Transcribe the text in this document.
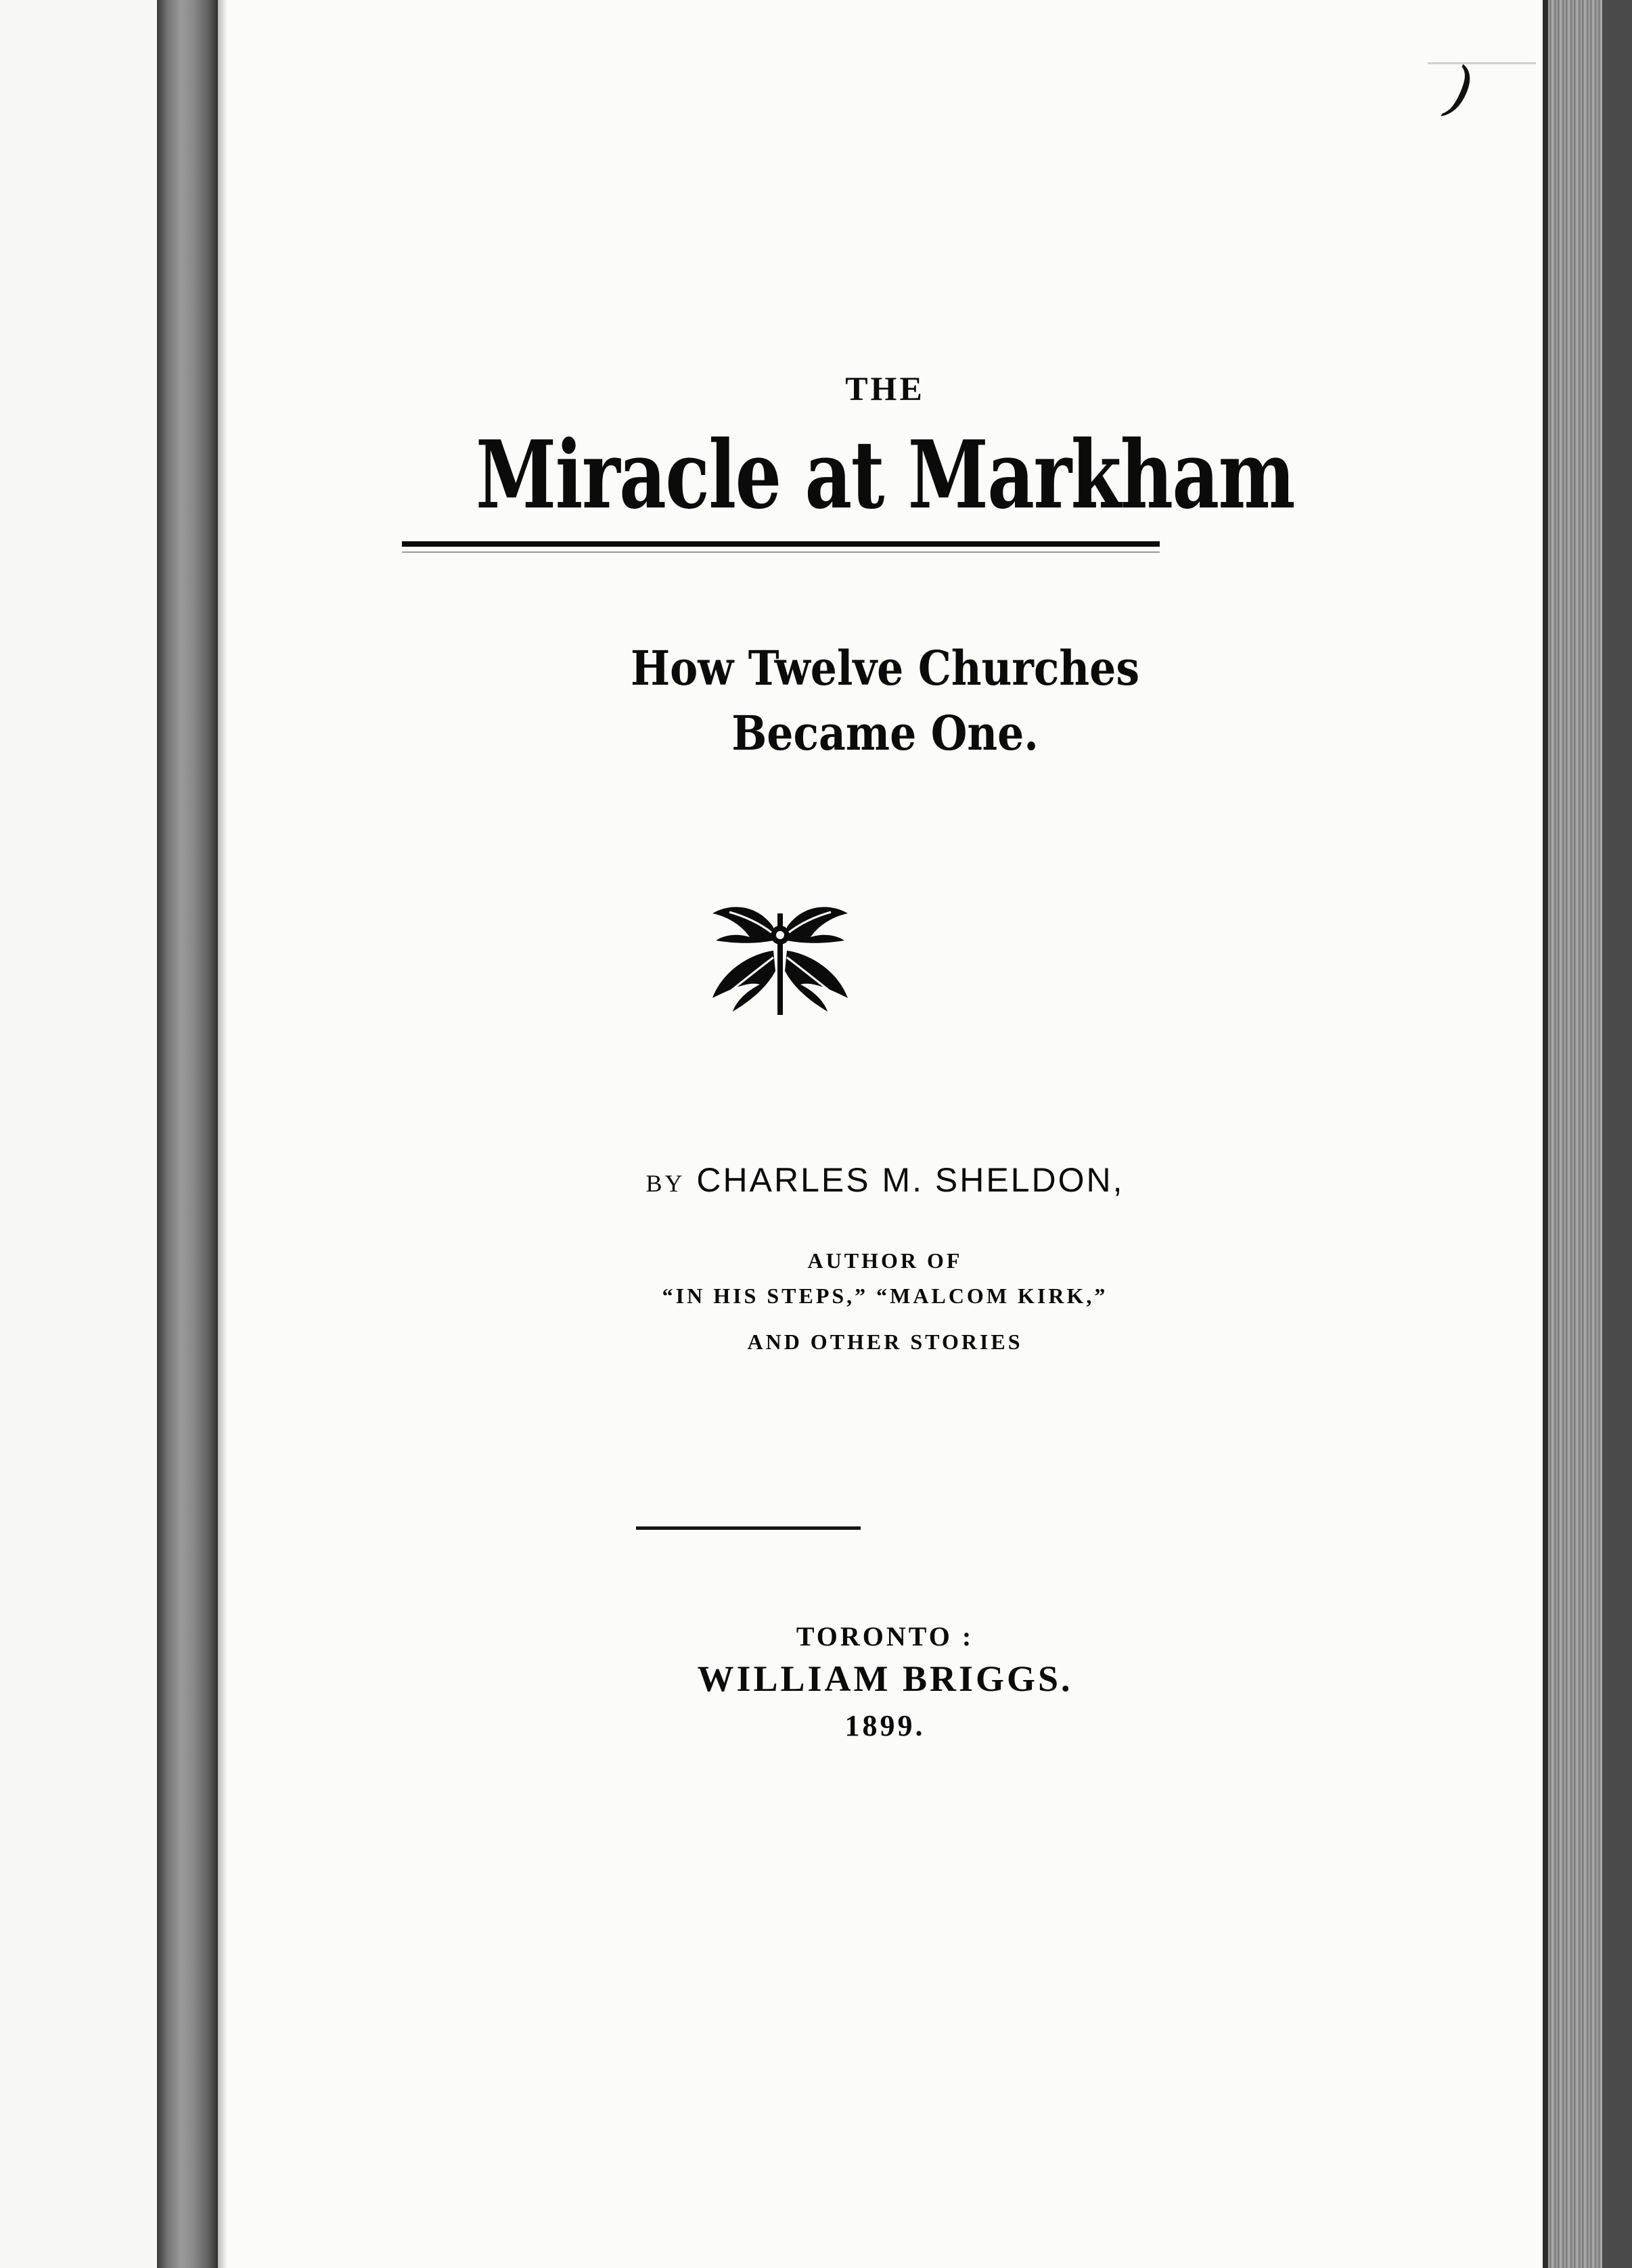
)
THE
Miracle at Markham
How Twelve Churches
Became One.
BY CHARLES M. SHELDON,
AUTHOR OF
“IN HIS STEPS,” “MALCOM KIRK,”
AND OTHER STORIES
TORONTO :
WILLIAM BRIGGS.
1899.
